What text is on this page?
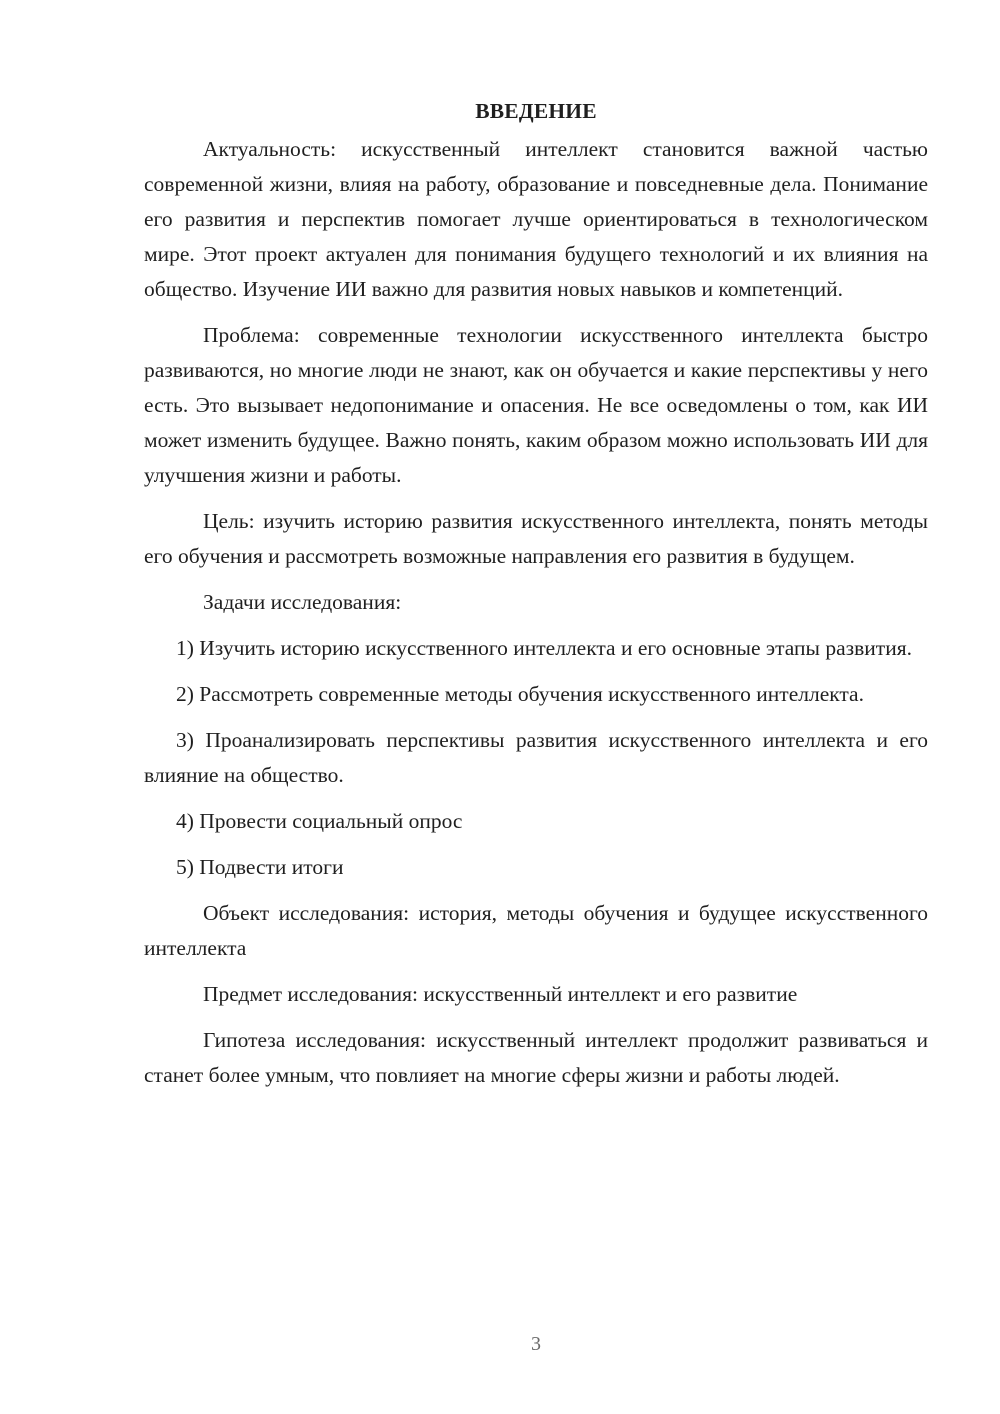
ВВЕДЕНИЕ

Актуальность: искусственный интеллект становится важной частью современной жизни, влияя на работу, образование и повседневные дела. Понимание его развития и перспектив помогает лучше ориентироваться в технологическом мире. Этот проект актуален для понимания будущего технологий и их влияния на общество. Изучение ИИ важно для развития новых навыков и компетенций.

Проблема: современные технологии искусственного интеллекта быстро развиваются, но многие люди не знают, как он обучается и какие перспективы у него есть. Это вызывает недопонимание и опасения. Не все осведомлены о том, как ИИ может изменить будущее. Важно понять, каким образом можно использовать ИИ для улучшения жизни и работы.

Цель: изучить историю развития искусственного интеллекта, понять методы его обучения и рассмотреть возможные направления его развития в будущем.

Задачи исследования:

1) Изучить историю искусственного интеллекта и его основные этапы развития.

2) Рассмотреть современные методы обучения искусственного интеллекта.

3) Проанализировать перспективы развития искусственного интеллекта и его влияние на общество.

4) Провести социальный опрос

5) Подвести итоги

Объект исследования: история, методы обучения и будущее искусственного интеллекта

Предмет исследования: искусственный интеллект и его развитие

Гипотеза исследования: искусственный интеллект продолжит развиваться и станет более умным, что повлияет на многие сферы жизни и работы людей.

3
